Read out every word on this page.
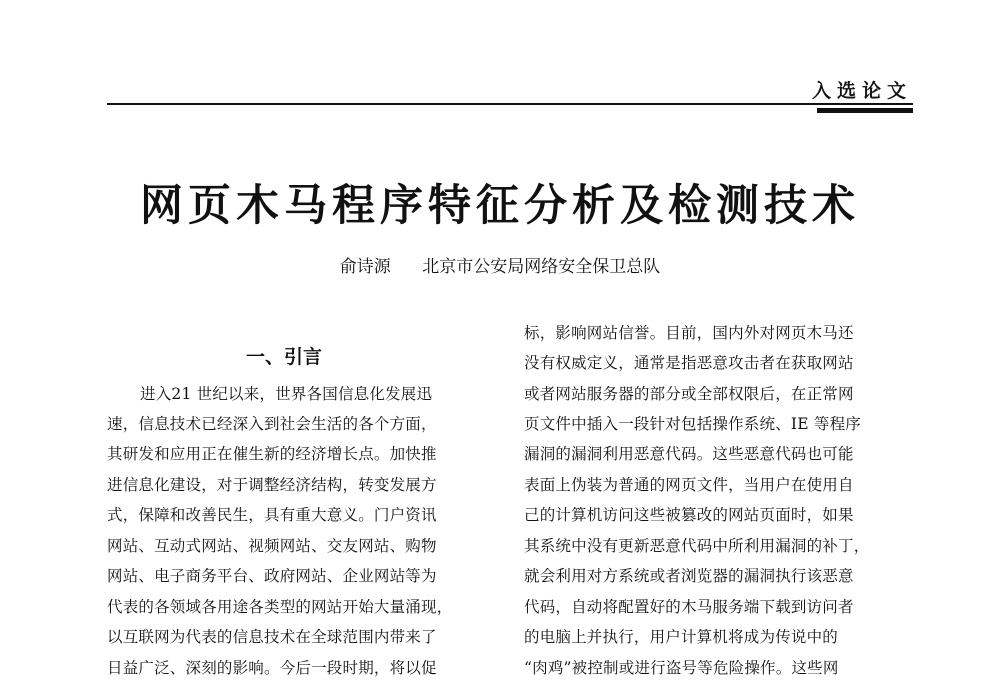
入选论文
网页木马程序特征分析及检测技术
俞诗源 北京市公安局网络安全保卫总队
一、引言
进入21 世纪以来，世界各国信息化发展迅
速，信息技术已经深入到社会生活的各个方面，
其研发和应用正在催生新的经济增长点。加快推
进信息化建设，对于调整经济结构，转变发展方
式，保障和改善民生，具有重大意义。门户资讯
网站、互动式网站、视频网站、交友网站、购物
网站、电子商务平台、政府网站、企业网站等为
代表的各领域各用途各类型的网站开始大量涌现，
以互联网为代表的信息技术在全球范围内带来了
日益广泛、深刻的影响。今后一段时期，将以促
标，影响网站信誉。目前，国内外对网页木马还
没有权威定义，通常是指恶意攻击者在获取网站
或者网站服务器的部分或全部权限后，在正常网
页文件中插入一段针对包括操作系统、IE 等程序
漏洞的漏洞利用恶意代码。这些恶意代码也可能
表面上伪装为普通的网页文件，当用户在使用自
己的计算机访问这些被篡改的网站页面时，如果
其系统中没有更新恶意代码中所利用漏洞的补丁，
就会利用对方系统或者浏览器的漏洞执行该恶意
代码，自动将配置好的木马服务端下载到访问者
的电脑上并执行，用户计算机将成为传说中的
“肉鸡”被控制或进行盗号等危险操作。这些网
